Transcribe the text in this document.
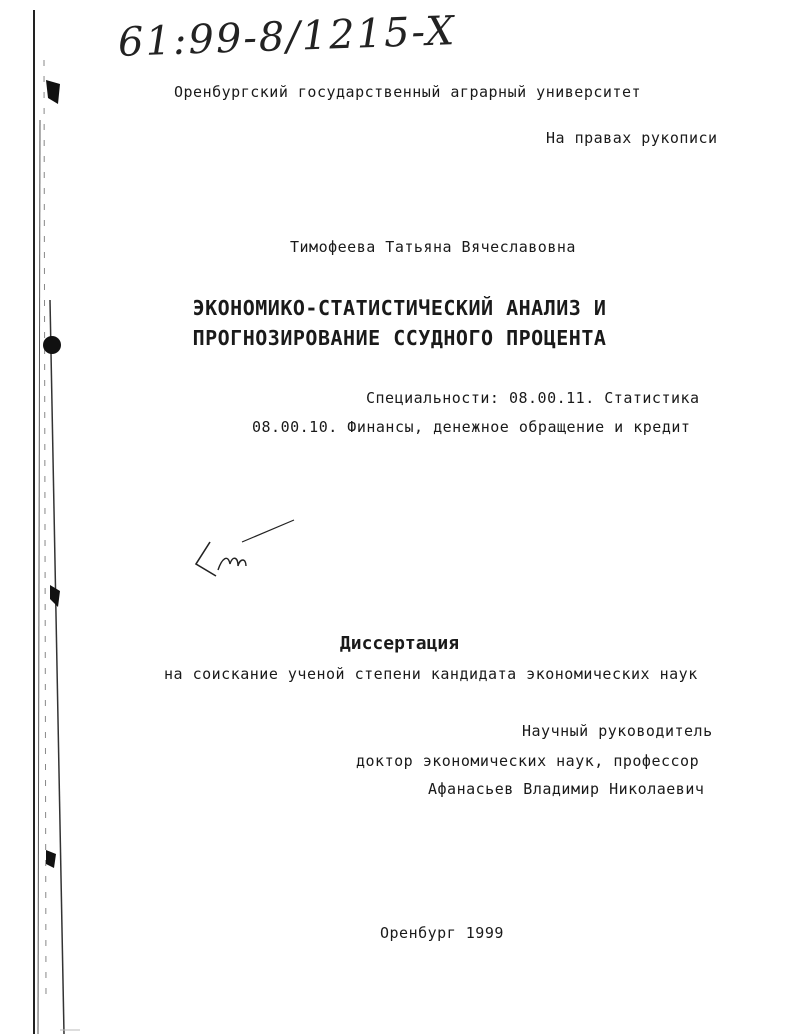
61:99-8/1215-X
Оренбургский государственный аграрный университет
На правах рукописи
Тимофеева Татьяна Вячеславовна
ЭКОНОМИКО-СТАТИСТИЧЕСКИЙ АНАЛИЗ И
ПРОГНОЗИРОВАНИЕ ССУДНОГО ПРОЦЕНТА
Специальности: 08.00.11. Статистика
08.00.10. Финансы, денежное обращение и кредит
Диссертация
на соискание ученой степени кандидата экономических наук
Научный руководитель
доктор экономических наук, профессор
Афанасьев Владимир Николаевич
Оренбург 1999
